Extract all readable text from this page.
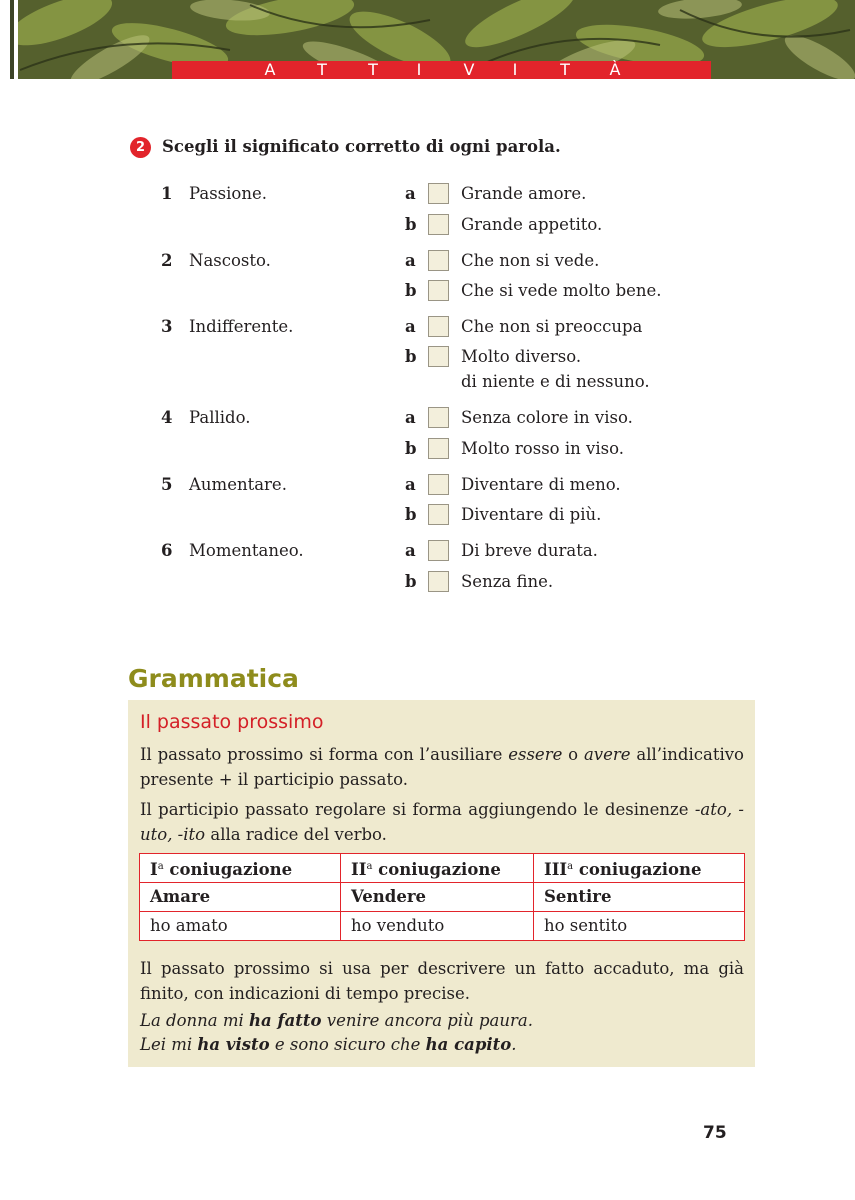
A	T	T	I	V	I	T	À
2	Scegli il significato corretto di ogni parola.
1 Passione.	a	Grande amore.
b	Grande appetito.
2 Nascosto.	a	Che non si vede.
b	Che si vede molto bene.
3 Indifferente.	a	Che non si preoccupa
b	Molto diverso.
di niente e di nessuno.
4 Pallido.	a	Senza colore in viso.
b	Molto rosso in viso.
5 Aumentare.	a	Diventare di meno.
b	Diventare di più.
6 Momentaneo.	a	Di breve durata.
b	Senza fine.
Grammatica
Il passato prossimo
Il passato prossimo si forma con l’ausiliare essere o avere all’indicativo presente + il participio passato.
Il participio passato regolare si forma aggiungendo le desinenze -ato, -uto, -ito alla radice del verbo.
$I^a$ coniugazione	$II^a$ coniugazione	III$^a$ coniugazione
Amare	Vendere	Sentire
ho amato	ho venduto	ho sentito
Il passato prossimo si usa per descrivere un fatto accaduto, ma già finito, con indicazioni di tempo precise.
La donna mi ha fatto venire ancora più paura.
Lei mi ha visto e sono sicuro che ha capito.
75
